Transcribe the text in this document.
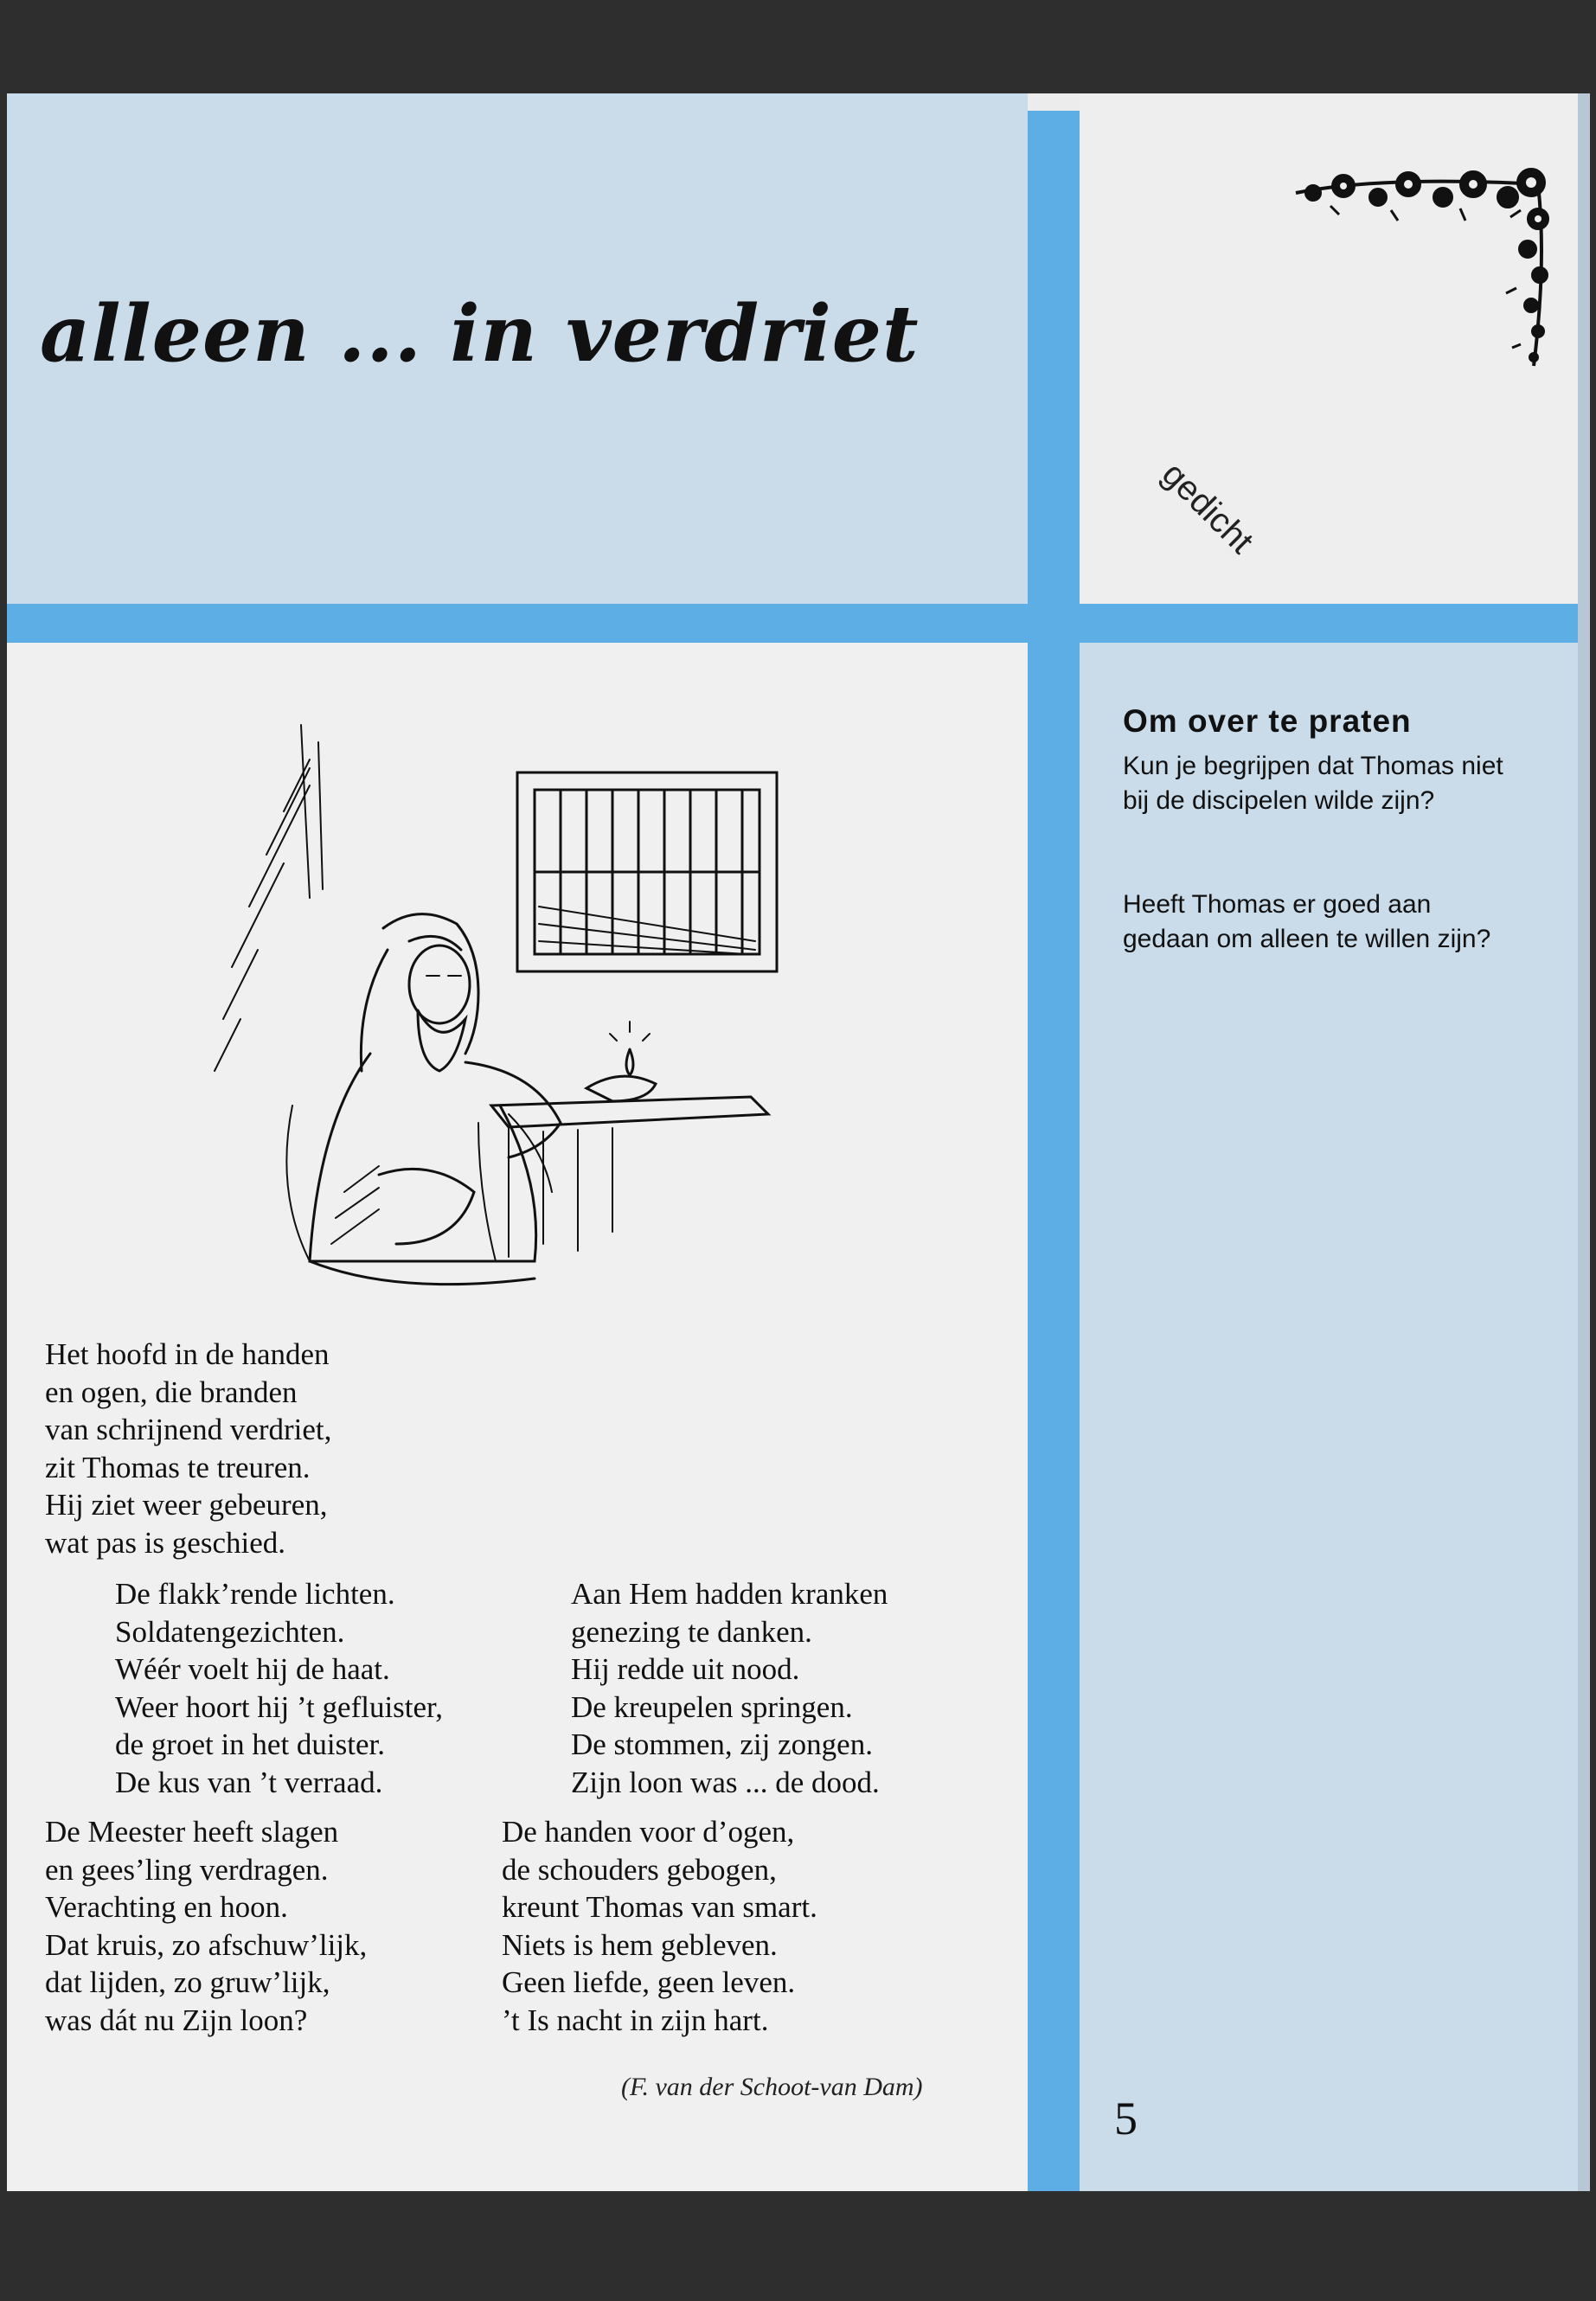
alleen ... in verdriet
gedicht
Om over te praten

Kun je begrijpen dat Thomas niet bij de discipelen wilde zijn?

Heeft Thomas er goed aan gedaan om alleen te willen zijn?

Het hoofd in de handen
en ogen, die branden
van schrijnend verdriet,
zit Thomas te treuren.
Hij ziet weer gebeuren,
wat pas is geschied.
De flakk’rende lichten.
Soldatengezichten.
Wéér voelt hij de haat.
Weer hoort hij ’t gefluister,
de groet in het duister.
De kus van ’t verraad.
Aan Hem hadden kranken
genezing te danken.
Hij redde uit nood.
De kreupelen springen.
De stommen, zij zongen.
Zijn loon was ... de dood.
De Meester heeft slagen
en gees’ling verdragen.
Verachting en hoon.
Dat kruis, zo afschuw’lijk,
dat lijden, zo gruw’lijk,
was dát nu Zijn loon?
De handen voor d’ogen,
de schouders gebogen,
kreunt Thomas van smart.
Niets is hem gebleven.
Geen liefde, geen leven.
’t Is nacht in zijn hart.
(F. van der Schoot-van Dam)
5
